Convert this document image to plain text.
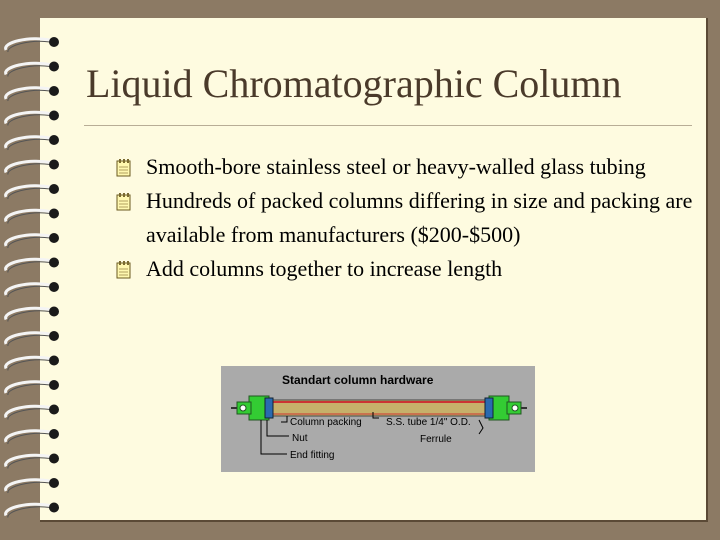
Liquid Chromatographic Column
Smooth-bore stainless steel or heavy-walled glass tubing
Hundreds of packed columns differing in size and packing are available from manufacturers ($200-$500)
Add columns together to increase length
Standart column hardware
Column packing S.S. tube 1/4" O.D.
Nut	Ferrule
End fitting
